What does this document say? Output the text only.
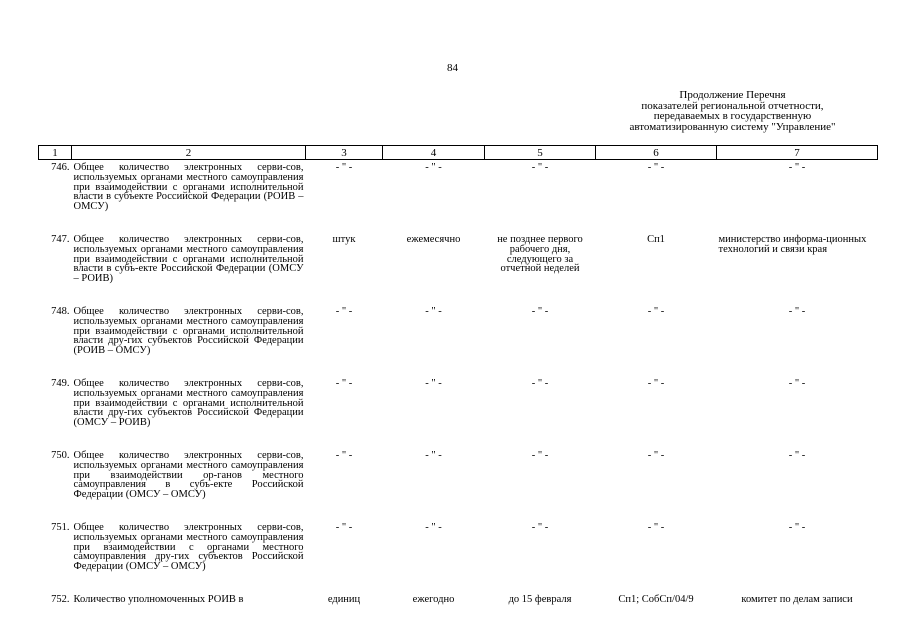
84
Продолжение Перечня
показателей региональной отчетности,
передаваемых в государственную
автоматизированную систему "Управление"
1	2	3	4	5	6	7
746.	Общее количество электронных серви-сов, используемых органами местного самоуправления при взаимодействии с органами исполнительной власти в субъекте Российской Федерации (РОИВ – ОМСУ)	- " -	- " -	- " -	- " -	- " -
747.	Общее количество электронных серви-сов, используемых органами местного самоуправления при взаимодействии с органами исполнительной власти в субъ-екте Российской Федерации (ОМСУ – РОИВ)	штук	ежемесячно	не позднее первого рабочего дня, следующего за отчетной неделей	Сп1	министерство информа-ционных технологий и связи края
748.	Общее количество электронных серви-сов, используемых органами местного самоуправления при взаимодействии с органами исполнительной власти дру-гих субъектов Российской Федерации (РОИВ – ОМСУ)	- " -	- " -	- " -	- " -	- " -
749.	Общее количество электронных серви-сов, используемых органами местного самоуправления при взаимодействии с органами исполнительной власти дру-гих субъектов Российской Федерации (ОМСУ – РОИВ)	- " -	- " -	- " -	- " -	- " -
750.	Общее количество электронных серви-сов, используемых органами местного самоуправления при взаимодействии ор-ганов местного самоуправления в субъ-екте Российской Федерации (ОМСУ – ОМСУ)	- " -	- " -	- " -	- " -	- " -
751.	Общее количество электронных серви-сов, используемых органами местного самоуправления при взаимодействии с органами местного самоуправления дру-гих субъектов Российской Федерации (ОМСУ – ОМСУ)	- " -	- " -	- " -	- " -	- " -
752.	Количество уполномоченных РОИВ в	единиц	ежегодно	до 15 февраля	Сп1; СобСп/04/9	комитет по делам записи
